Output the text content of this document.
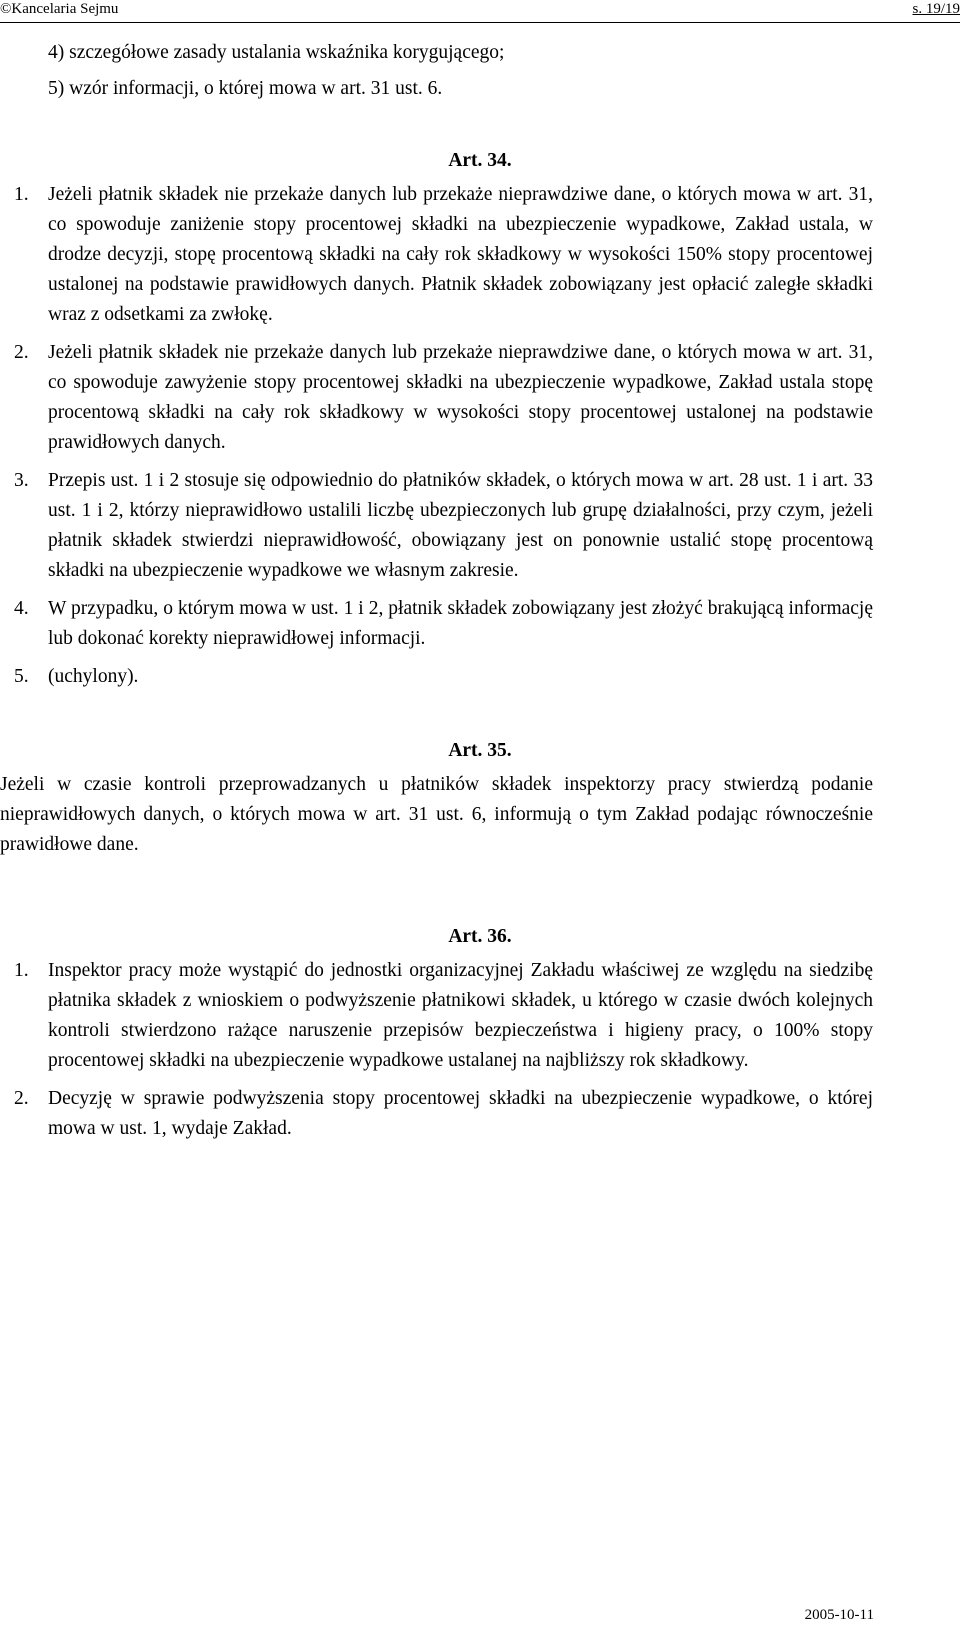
©Kancelaria Sejmu	s. 19/19
4) szczegółowe zasady ustalania wskaźnika korygującego;
5) wzór informacji, o której mowa w art. 31 ust. 6.
Art. 34.
1. Jeżeli płatnik składek nie przekaże danych lub przekaże nieprawdziwe dane, o których mowa w art. 31, co spowoduje zaniżenie stopy procentowej składki na ubezpieczenie wypadkowe, Zakład ustala, w drodze decyzji, stopę procentową składki na cały rok składkowy w wysokości 150% stopy procentowej ustalonej na podstawie prawidłowych danych. Płatnik składek zobowiązany jest opłacić zaległe składki wraz z odsetkami za zwłokę.
2. Jeżeli płatnik składek nie przekaże danych lub przekaże nieprawdziwe dane, o których mowa w art. 31, co spowoduje zawyżenie stopy procentowej składki na ubezpieczenie wypadkowe, Zakład ustala stopę procentową składki na cały rok składkowy w wysokości stopy procentowej ustalonej na podstawie prawidłowych danych.
3. Przepis ust. 1 i 2 stosuje się odpowiednio do płatników składek, o których mowa w art. 28 ust. 1 i art. 33 ust. 1 i 2, którzy nieprawidłowo ustalili liczbę ubezpieczonych lub grupę działalności, przy czym, jeżeli płatnik składek stwierdzi nieprawidłowość, obowiązany jest on ponownie ustalić stopę procentową składki na ubezpieczenie wypadkowe we własnym zakresie.
4. W przypadku, o którym mowa w ust. 1 i 2, płatnik składek zobowiązany jest złożyć brakującą informację lub dokonać korekty nieprawidłowej informacji.
5. (uchylony).
Art. 35.
Jeżeli w czasie kontroli przeprowadzanych u płatników składek inspektorzy pracy stwierdzą podanie nieprawidłowych danych, o których mowa w art. 31 ust. 6, informują o tym Zakład podając równocześnie prawidłowe dane.
Art. 36.
1. Inspektor pracy może wystąpić do jednostki organizacyjnej Zakładu właściwej ze względu na siedzibę płatnika składek z wnioskiem o podwyższenie płatnikowi składek, u którego w czasie dwóch kolejnych kontroli stwierdzono rażące naruszenie przepisów bezpieczeństwa i higieny pracy, o 100% stopy procentowej składki na ubezpieczenie wypadkowe ustalanej na najbliższy rok składkowy.
2. Decyzję w sprawie podwyższenia stopy procentowej składki na ubezpieczenie wypadkowe, o której mowa w ust. 1, wydaje Zakład.
2005-10-11
